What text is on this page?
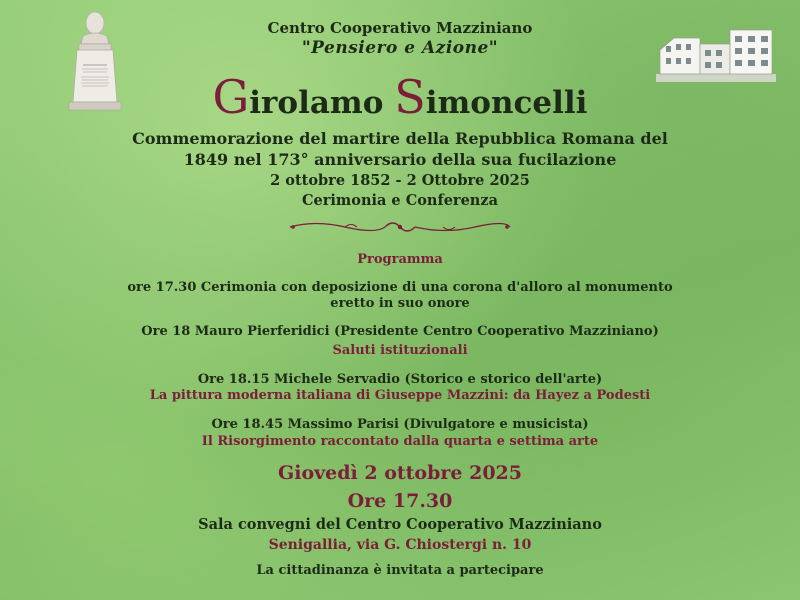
Centro Cooperativo Mazziniano
"Pensiero e Azione"
Girolamo Simoncelli
Commemorazione del martire della Repubblica Romana del
1849 nel 173° anniversario della sua fucilazione
2 ottobre 1852 - 2 Ottobre 2025
Cerimonia e Conferenza
Programma
ore 17.30 Cerimonia con deposizione di una corona d'alloro al monumento
eretto in suo onore
Ore 18 Mauro Pierferidici (Presidente Centro Cooperativo Mazziniano)
Saluti istituzionali
Ore 18.15 Michele Servadio (Storico e storico dell'arte)
La pittura moderna italiana di Giuseppe Mazzini: da Hayez a Podesti
Ore 18.45 Massimo Parisi (Divulgatore e musicista)
Il Risorgimento raccontato dalla quarta e settima arte
Giovedì 2 ottobre 2025
Ore 17.30
Sala convegni del Centro Cooperativo Mazziniano
Senigallia, via G. Chiostergi n. 10
La cittadinanza è invitata a partecipare
